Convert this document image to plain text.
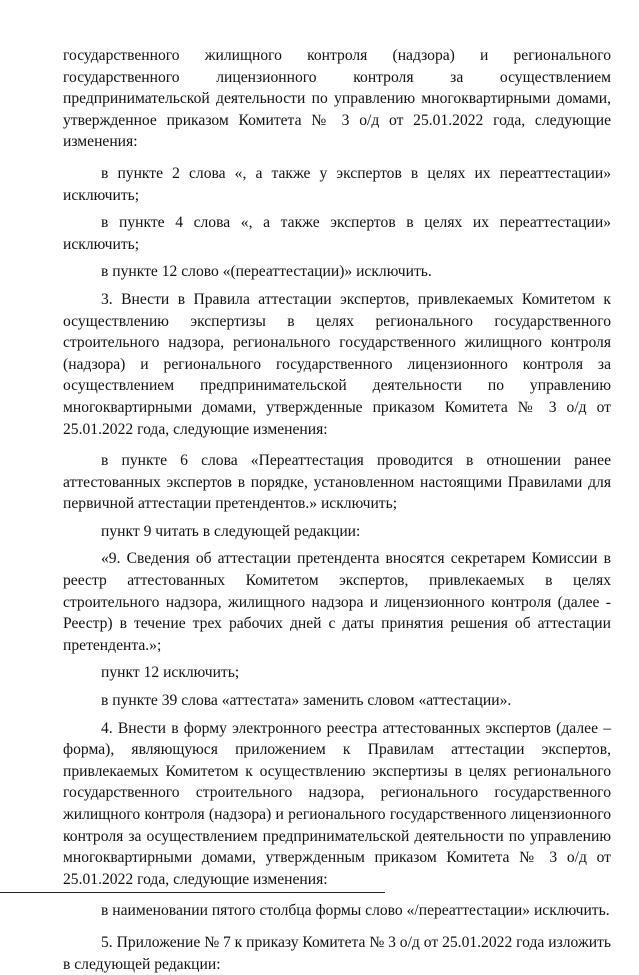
государственного жилищного контроля (надзора) и регионального государственного лицензионного контроля за осуществлением предпринимательской деятельности по управлению многоквартирными домами, утвержденное приказом Комитета № 3 о/д от 25.01.2022 года, следующие изменения:

в пункте 2 слова «, а также у экспертов в целях их переаттестации» исключить;

в пункте 4 слова «, а также экспертов в целях их переаттестации» исключить;

в пункте 12 слово «(переаттестации)» исключить.

3. Внести в Правила аттестации экспертов, привлекаемых Комитетом к осуществлению экспертизы в целях регионального государственного строительного надзора, регионального государственного жилищного контроля (надзора) и регионального государственного лицензионного контроля за осуществлением предпринимательской деятельности по управлению многоквартирными домами, утвержденные приказом Комитета № 3 о/д от 25.01.2022 года, следующие изменения:

в пункте 6 слова «Переаттестация проводится в отношении ранее аттестованных экспертов в порядке, установленном настоящими Правилами для первичной аттестации претендентов.» исключить;

пункт 9 читать в следующей редакции:

«9. Сведения об аттестации претендента вносятся секретарем Комиссии в реестр аттестованных Комитетом экспертов, привлекаемых в целях строительного надзора, жилищного надзора и лицензионного контроля (далее - Реестр) в течение трех рабочих дней с даты принятия решения об аттестации претендента.»;

пункт 12 исключить;

в пункте 39 слова «аттестата» заменить словом «аттестации».

4. Внести в форму электронного реестра аттестованных экспертов (далее – форма), являющуюся приложением к Правилам аттестации экспертов, привлекаемых Комитетом к осуществлению экспертизы в целях регионального государственного строительного надзора, регионального государственного жилищного контроля (надзора) и регионального государственного лицензионного контроля за осуществлением предпринимательской деятельности по управлению многоквартирными домами, утвержденным приказом Комитета № 3 о/д от 25.01.2022 года, следующие изменения:

в наименовании пятого столбца формы слово «/переаттестации» исключить.

5. Приложение № 7 к приказу Комитета № 3 о/д от 25.01.2022 года изложить в следующей редакции:
